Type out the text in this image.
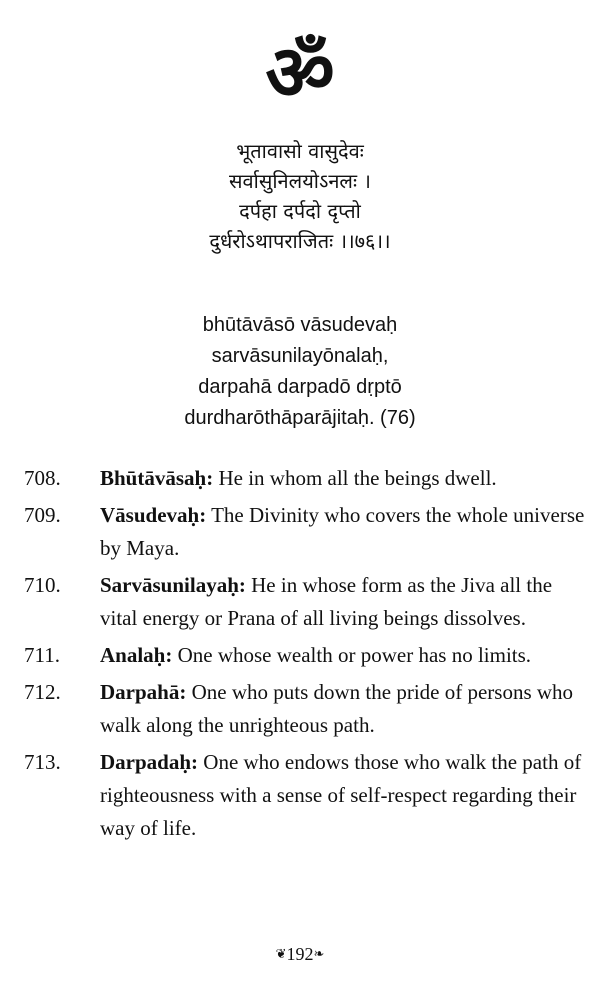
ॐ
भूतावासो वासुदेवः
सर्वासुनिलयोऽनलः ।
दर्पहा दर्पदो दृप्तो
दुर्धरोऽथापराजितः ।।७६।।
bhūtāvāsō vāsudevaḥ
sarvāsunilayōnalaḥ,
darpahā darpadō dṛptō
durdharōthāparājitaḥ. (76)
708.	Bhūtāvāsaḥ: He in whom all the beings dwell.
709.	Vāsudevaḥ: The Divinity who covers the whole universe by Maya.
710.	Sarvāsunilayaḥ: He in whose form as the Jiva all the vital energy or Prana of all living beings dissolves.
711.	Analaḥ: One whose wealth or power has no limits.
712.	Darpahā: One who puts down the pride of persons who walk along the unrighteous path.
713.	Darpadaḥ: One who endows those who walk the path of righteousness with a sense of self-respect regarding their way of life.
❦192❧
